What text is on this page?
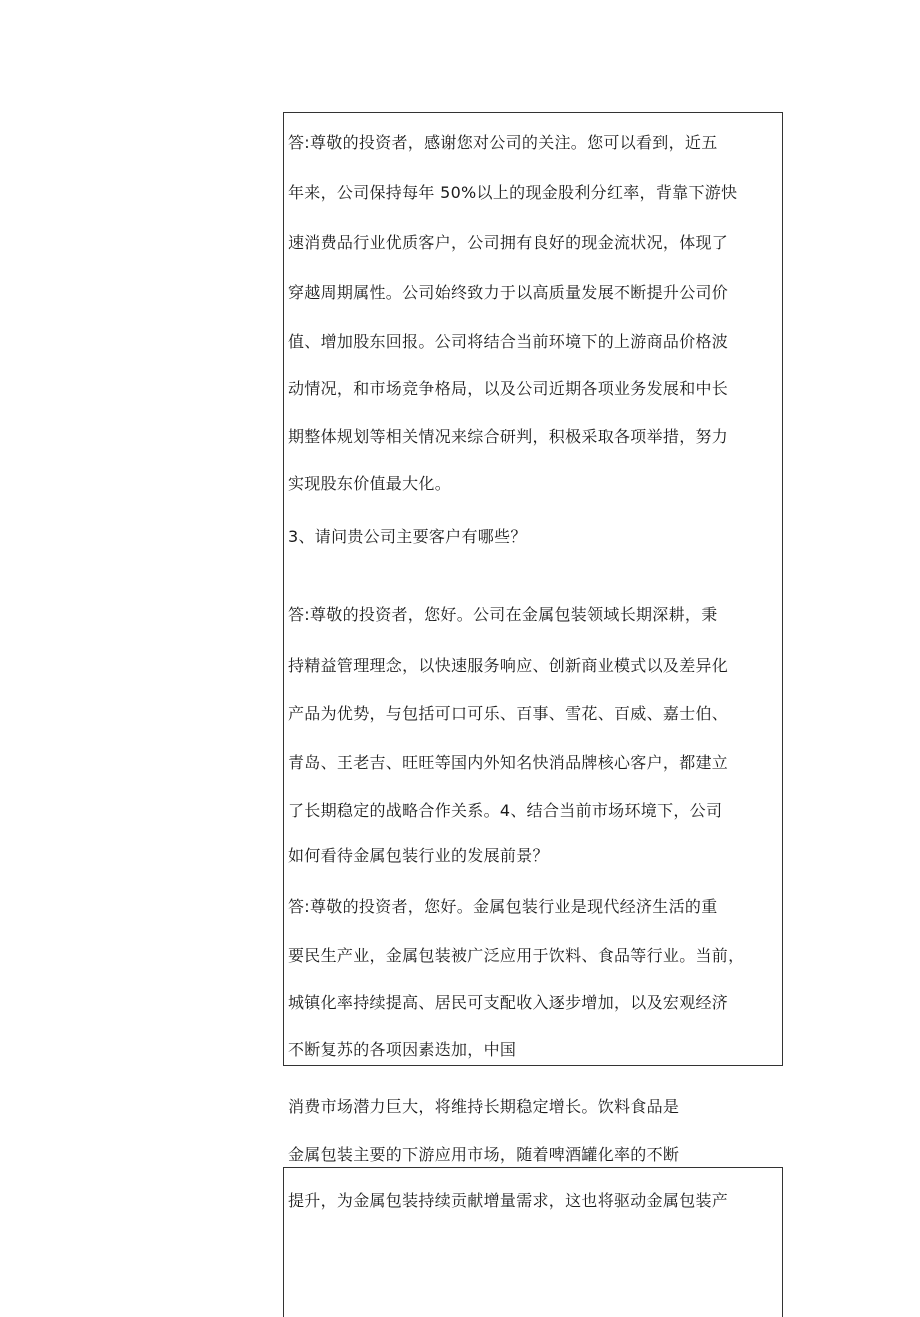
答:尊敬的投资者，感谢您对公司的关注。您可以看到，近五
年来，公司保持每年 50%以上的现金股利分红率，背靠下游快
速消费品行业优质客户，公司拥有良好的现金流状况，体现了
穿越周期属性。公司始终致力于以高质量发展不断提升公司价
值、增加股东回报。公司将结合当前环境下的上游商品价格波
动情况，和市场竞争格局，以及公司近期各项业务发展和中长
期整体规划等相关情况来综合研判，积极采取各项举措，努力
实现股东价值最大化。
3、请问贵公司主要客户有哪些？
答:尊敬的投资者，您好。公司在金属包装领域长期深耕，秉
持精益管理理念，以快速服务响应、创新商业模式以及差异化
产品为优势，与包括可口可乐、百事、雪花、百威、嘉士伯、
青岛、王老吉、旺旺等国内外知名快消品牌核心客户，都建立
了长期稳定的战略合作关系。4、结合当前市场环境下，公司
如何看待金属包装行业的发展前景？
答:尊敬的投资者，您好。金属包装行业是现代经济生活的重
要民生产业，金属包装被广泛应用于饮料、食品等行业。当前，
城镇化率持续提高、居民可支配收入逐步增加，以及宏观经济
不断复苏的各项因素迭加，中国
消费市场潜力巨大，将维持长期稳定增长。饮料食品是
金属包装主要的下游应用市场，随着啤酒罐化率的不断
提升，为金属包装持续贡献增量需求，这也将驱动金属包装产
